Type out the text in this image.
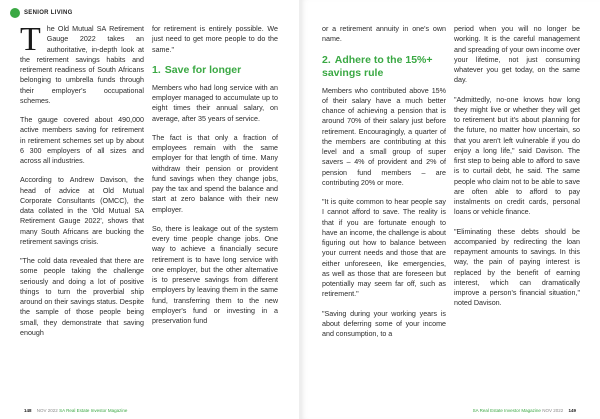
SENIOR LIVING

The Old Mutual SA Retirement Gauge 2022 takes an authoritative, in-depth look at the retirement savings habits and retirement readiness of South Africans belonging to umbrella funds through their employer's occupational schemes.

The gauge covered about 490,000 active members saving for retirement in retirement schemes set up by about 6 300 employers of all sizes and across all industries.

According to Andrew Davison, the head of advice at Old Mutual Corporate Consultants (OMCC), the data collated in the 'Old Mutual SA Retirement Gauge 2022', shows that many South Africans are bucking the retirement savings crisis.

"The cold data revealed that there are some people taking the challenge seriously and doing a lot of positive things to turn the proverbial ship around on their savings status. Despite the sample of those people being small, they demonstrate that saving enough

for retirement is entirely possible. We just need to get more people to do the same."

1. Save for longer

Members who had long service with an employer managed to accumulate up to eight times their annual salary, on average, after 35 years of service.

The fact is that only a fraction of employees remain with the same employer for that length of time. Many withdraw their pension or provident fund savings when they change jobs, pay the tax and spend the balance and start at zero balance with their new employer.

So, there is leakage out of the system every time people change jobs. One way to achieve a financially secure retirement is to have long service with one employer, but the other alternative is to preserve savings from different employers by leaving them in the same fund, transferring them to the new employer's fund or investing in a preservation fund

148 NOV 2022 SA Real Estate Investor Magazine	SA Real Estate Investor Magazine NOV 2022 149

or a retirement annuity in one's own name.

2. Adhere to the 15%+ savings rule

Members who contributed above 15% of their salary have a much better chance of achieving a pension that is around 70% of their salary just before retirement. Encouragingly, a quarter of the members are contributing at this level and a small group of super savers – 4% of provident and 2% of pension fund members – are contributing 20% or more.

"It is quite common to hear people say I cannot afford to save. The reality is that if you are fortunate enough to have an income, the challenge is about figuring out how to balance between your current needs and those that are either unforeseen, like emergencies, as well as those that are foreseen but potentially may seem far off, such as retirement."

"Saving during your working years is about deferring some of your income and consumption, to a

period when you will no longer be working. It is the careful management and spreading of your own income over your lifetime, not just consuming whatever you get today, on the same day.

"Admittedly, no-one knows how long they might live or whether they will get to retirement but it's about planning for the future, no matter how uncertain, so that you aren't left vulnerable if you do enjoy a long life," said Davison. The first step to being able to afford to save is to curtail debt, he said. The same people who claim not to be able to save are often able to afford to pay instalments on credit cards, personal loans or vehicle finance.

"Eliminating these debts should be accompanied by redirecting the loan repayment amounts to savings. In this way, the pain of paying interest is replaced by the benefit of earning interest, which can dramatically improve a person's financial situation," noted Davison.
